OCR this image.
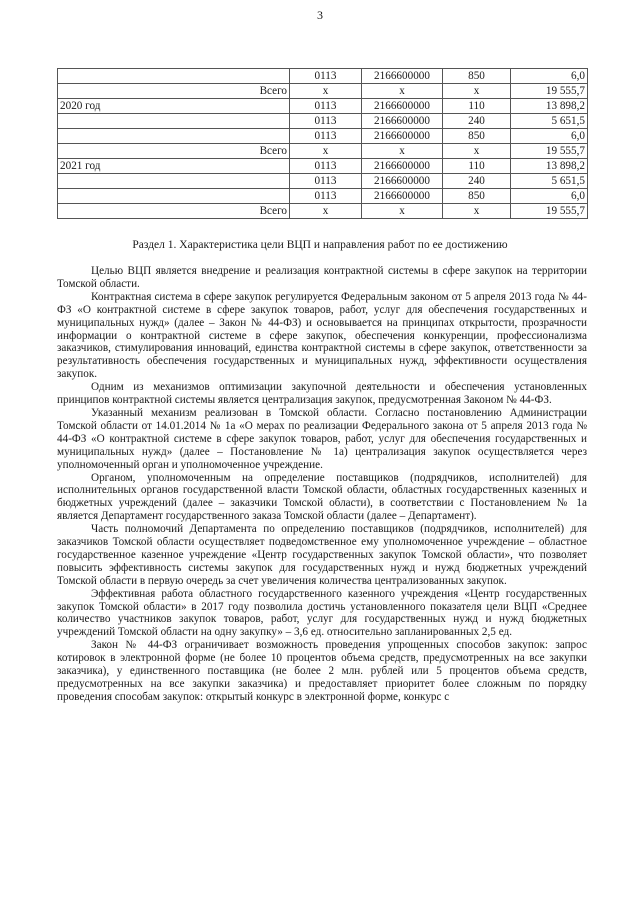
3
	0113	2166600000	850	6,0
Всего	x	x	x	19 555,7
2020 год	0113	2166600000	110	13 898,2
	0113	2166600000	240	5 651,5
	0113	2166600000	850	6,0
Всего	x	x	x	19 555,7
2021 год	0113	2166600000	110	13 898,2
	0113	2166600000	240	5 651,5
	0113	2166600000	850	6,0
Всего	x	x	x	19 555,7
Раздел 1. Характеристика цели ВЦП и направления работ по ее достижению

Целью ВЦП является внедрение и реализация контрактной системы в сфере закупок на территории Томской области.

Контрактная система в сфере закупок регулируется Федеральным законом от 5 апреля 2013 года № 44-ФЗ «О контрактной системе в сфере закупок товаров, работ, услуг для обеспечения государственных и муниципальных нужд» (далее – Закон № 44-ФЗ) и основывается на принципах открытости, прозрачности информации о контрактной системе в сфере закупок, обеспечения конкуренции, профессионализма заказчиков, стимулирования инноваций, единства контрактной системы в сфере закупок, ответственности за результативность обеспечения государственных и муниципальных нужд, эффективности осуществления закупок.

Одним из механизмов оптимизации закупочной деятельности и обеспечения установленных принципов контрактной системы является централизация закупок, предусмотренная Законом № 44-ФЗ.

Указанный механизм реализован в Томской области. Согласно постановлению Администрации Томской области от 14.01.2014 № 1а «О мерах по реализации Федерального закона от 5 апреля 2013 года № 44-ФЗ «О контрактной системе в сфере закупок товаров, работ, услуг для обеспечения государственных и муниципальных нужд» (далее – Постановление № 1а) централизация закупок осуществляется через уполномоченный орган и уполномоченное учреждение.

Органом, уполномоченным на определение поставщиков (подрядчиков, исполнителей) для исполнительных органов государственной власти Томской области, областных государственных казенных и бюджетных учреждений (далее – заказчики Томской области), в соответствии с Постановлением № 1а является Департамент государственного заказа Томской области (далее – Департамент).

Часть полномочий Департамента по определению поставщиков (подрядчиков, исполнителей) для заказчиков Томской области осуществляет подведомственное ему уполномоченное учреждение – областное государственное казенное учреждение «Центр государственных закупок Томской области», что позволяет повысить эффективность системы закупок для государственных нужд и нужд бюджетных учреждений Томской области в первую очередь за счет увеличения количества централизованных закупок.

Эффективная работа областного государственного казенного учреждения «Центр государственных закупок Томской области» в 2017 году позволила достичь установленного показателя цели ВЦП «Среднее количество участников закупок товаров, работ, услуг для государственных нужд и нужд бюджетных учреждений Томской области на одну закупку» – 3,6 ед. относительно запланированных 2,5 ед.

Закон № 44-ФЗ ограничивает возможность проведения упрощенных способов закупок: запрос котировок в электронной форме (не более 10 процентов объема средств, предусмотренных на все закупки заказчика), у единственного поставщика (не более 2 млн. рублей или 5 процентов объема средств, предусмотренных на все закупки заказчика) и предоставляет приоритет более сложным по порядку проведения способам закупок: открытый конкурс в электронной форме, конкурс с
